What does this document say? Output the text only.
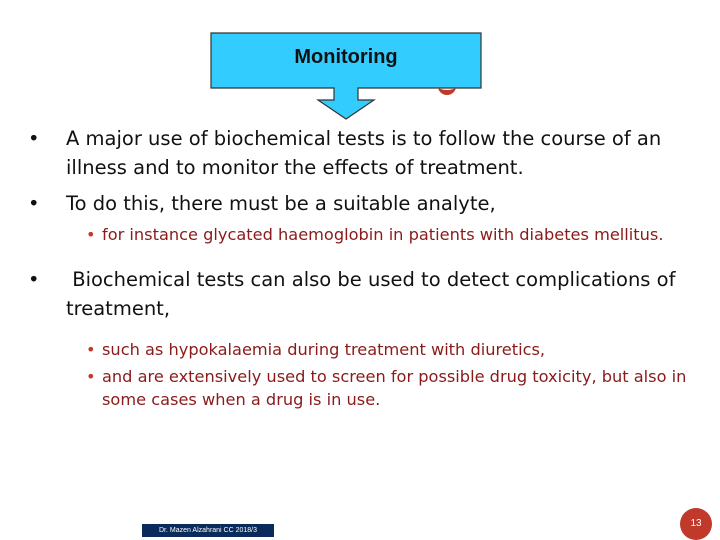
Monitoring
•	A major use of biochemical tests is to follow the course of an illness and to monitor the effects of treatment.
•	To do this, there must be a suitable analyte,
• for instance glycated haemoglobin in patients with diabetes mellitus.
•	Biochemical tests can also be used to detect complications of treatment,
• such as hypokalaemia during treatment with diuretics,
• and are extensively used to screen for possible drug toxicity, but also in some cases when a drug is in use.
Dr. Mazen Alzahrani CC 2018/3
13
